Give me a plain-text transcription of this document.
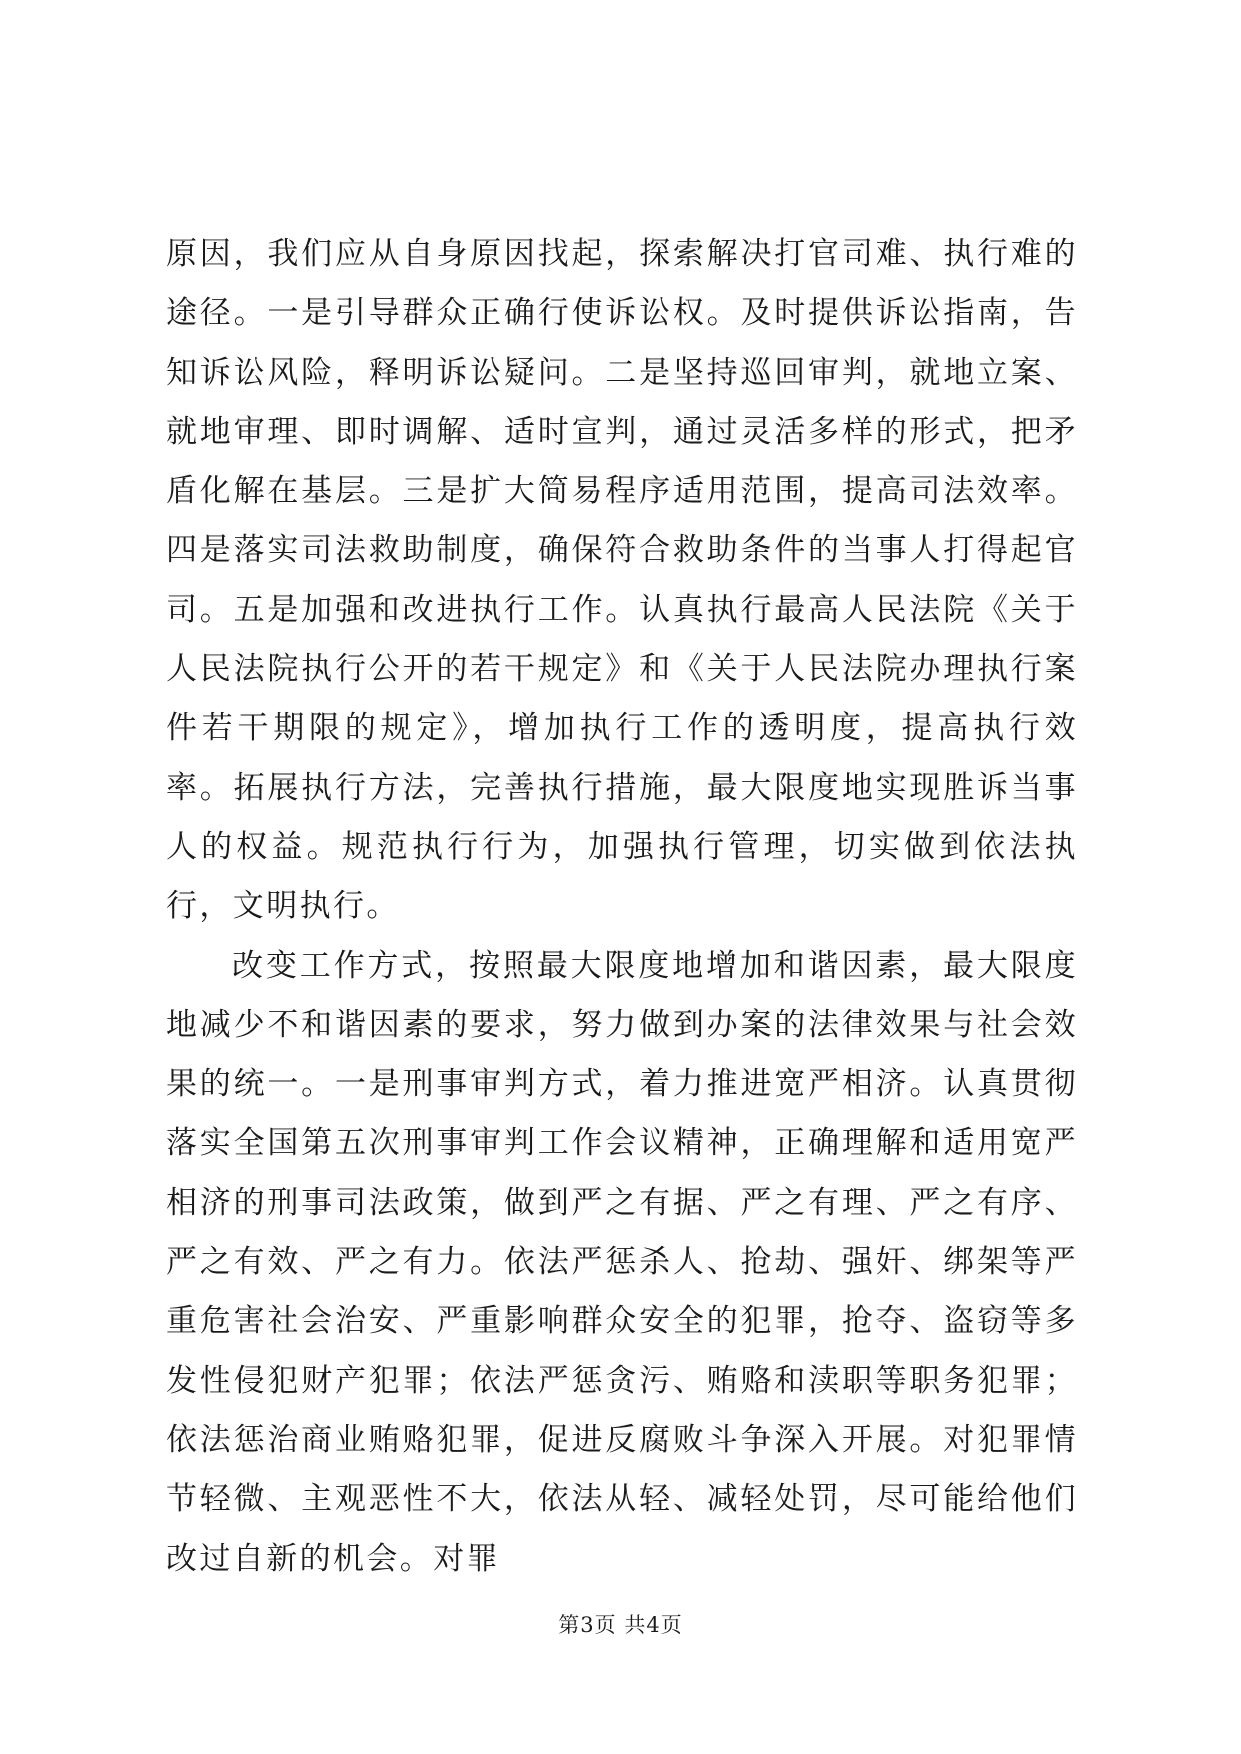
原因，我们应从自身原因找起，探索解决打官司难、执行难的途径。一是引导群众正确行使诉讼权。及时提供诉讼指南，告知诉讼风险，释明诉讼疑问。二是坚持巡回审判，就地立案、就地审理、即时调解、适时宣判，通过灵活多样的形式，把矛盾化解在基层。三是扩大简易程序适用范围，提高司法效率。四是落实司法救助制度，确保符合救助条件的当事人打得起官司。五是加强和改进执行工作。认真执行最高人民法院《关于人民法院执行公开的若干规定》和《关于人民法院办理执行案件若干期限的规定》，增加执行工作的透明度，提高执行效率。拓展执行方法，完善执行措施，最大限度地实现胜诉当事人的权益。规范执行行为，加强执行管理，切实做到依法执行，文明执行。

改变工作方式，按照最大限度地增加和谐因素，最大限度地减少不和谐因素的要求，努力做到办案的法律效果与社会效果的统一。一是刑事审判方式，着力推进宽严相济。认真贯彻落实全国第五次刑事审判工作会议精神，正确理解和适用宽严相济的刑事司法政策，做到严之有据、严之有理、严之有序、严之有效、严之有力。依法严惩杀人、抢劫、强奸、绑架等严重危害社会治安、严重影响群众安全的犯罪，抢夺、盗窃等多发性侵犯财产犯罪；依法严惩贪污、贿赂和渎职等职务犯罪；依法惩治商业贿赂犯罪，促进反腐败斗争深入开展。对犯罪情节轻微、主观恶性不大，依法从轻、减轻处罚，尽可能给他们改过自新的机会。对罪

第3页 共4页
